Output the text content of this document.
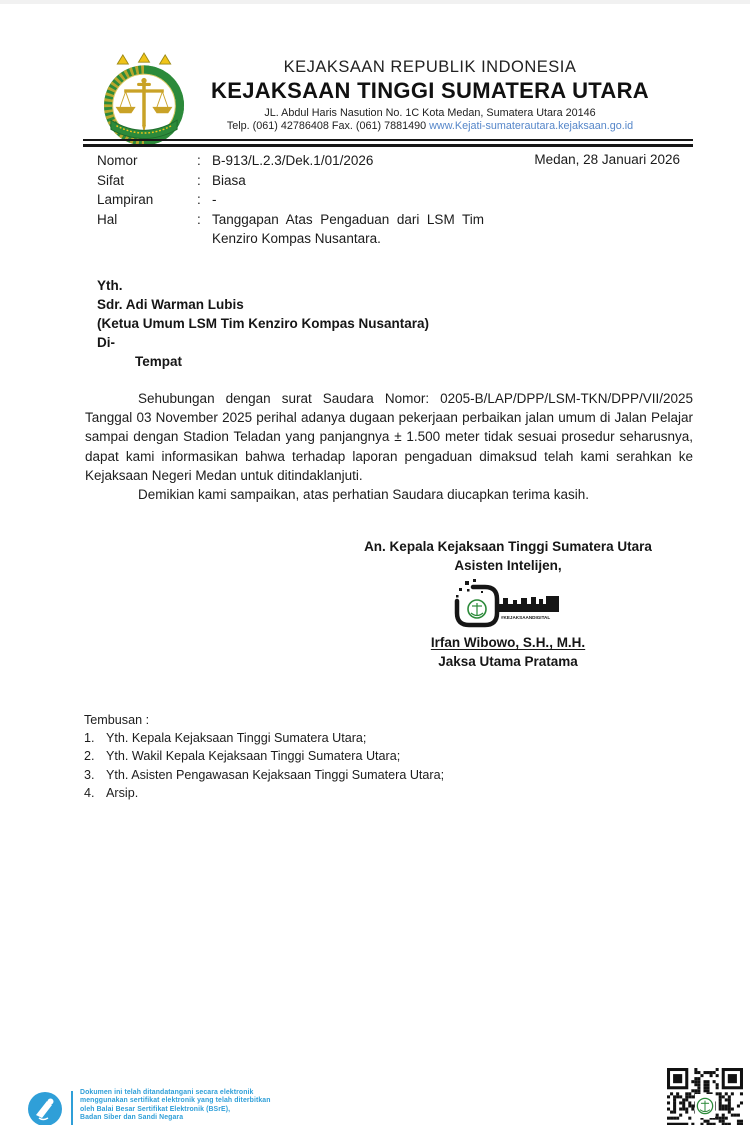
KEJAKSAAN REPUBLIK INDONESIA
KEJAKSAAN TINGGI SUMATERA UTARA
JL. Abdul Haris Nasution No. 1C Kota Medan, Sumatera Utara 20146
Telp. (061) 42786408 Fax. (061) 7881490 www.Kejati-sumaterautara.kejaksaan.go.id
Nomor	: B-913/L.2.3/Dek.1/01/2026
Sifat	: Biasa
Lampiran	: -
Hal	: Tanggapan Atas Pengaduan dari LSM Tim Kenziro Kompas Nusantara.
Medan, 28 Januari 2026
Yth.
Sdr. Adi Warman Lubis
(Ketua Umum LSM Tim Kenziro Kompas Nusantara)
Di-
Tempat

Sehubungan dengan surat Saudara Nomor: 0205-B/LAP/DPP/LSM-TKN/DPP/VII/2025 Tanggal 03 November 2025 perihal adanya dugaan pekerjaan perbaikan jalan umum di Jalan Pelajar sampai dengan Stadion Teladan yang panjangnya ± 1.500 meter tidak sesuai prosedur seharusnya, dapat kami informasikan bahwa terhadap laporan pengaduan dimaksud telah kami serahkan ke Kejaksaan Negeri Medan untuk ditindaklanjuti.

Demikian kami sampaikan, atas perhatian Saudara diucapkan terima kasih.

An. Kepala Kejaksaan Tinggi Sumatera Utara
Asisten Intelijen,
#KEJAKSAANDIGITAL
Irfan Wibowo, S.H., M.H.
Jaksa Utama Pratama
Tembusan :
Yth. Kepala Kejaksaan Tinggi Sumatera Utara;
Yth. Wakil Kepala Kejaksaan Tinggi Sumatera Utara;
Yth. Asisten Pengawasan Kejaksaan Tinggi Sumatera Utara;
Arsip.
Dokumen ini telah ditandatangani secara elektronik
menggunakan sertifikat elektronik yang telah diterbitkan
oleh Balai Besar Sertifikat Elektronik (BSrE),
Badan Siber dan Sandi Negara
